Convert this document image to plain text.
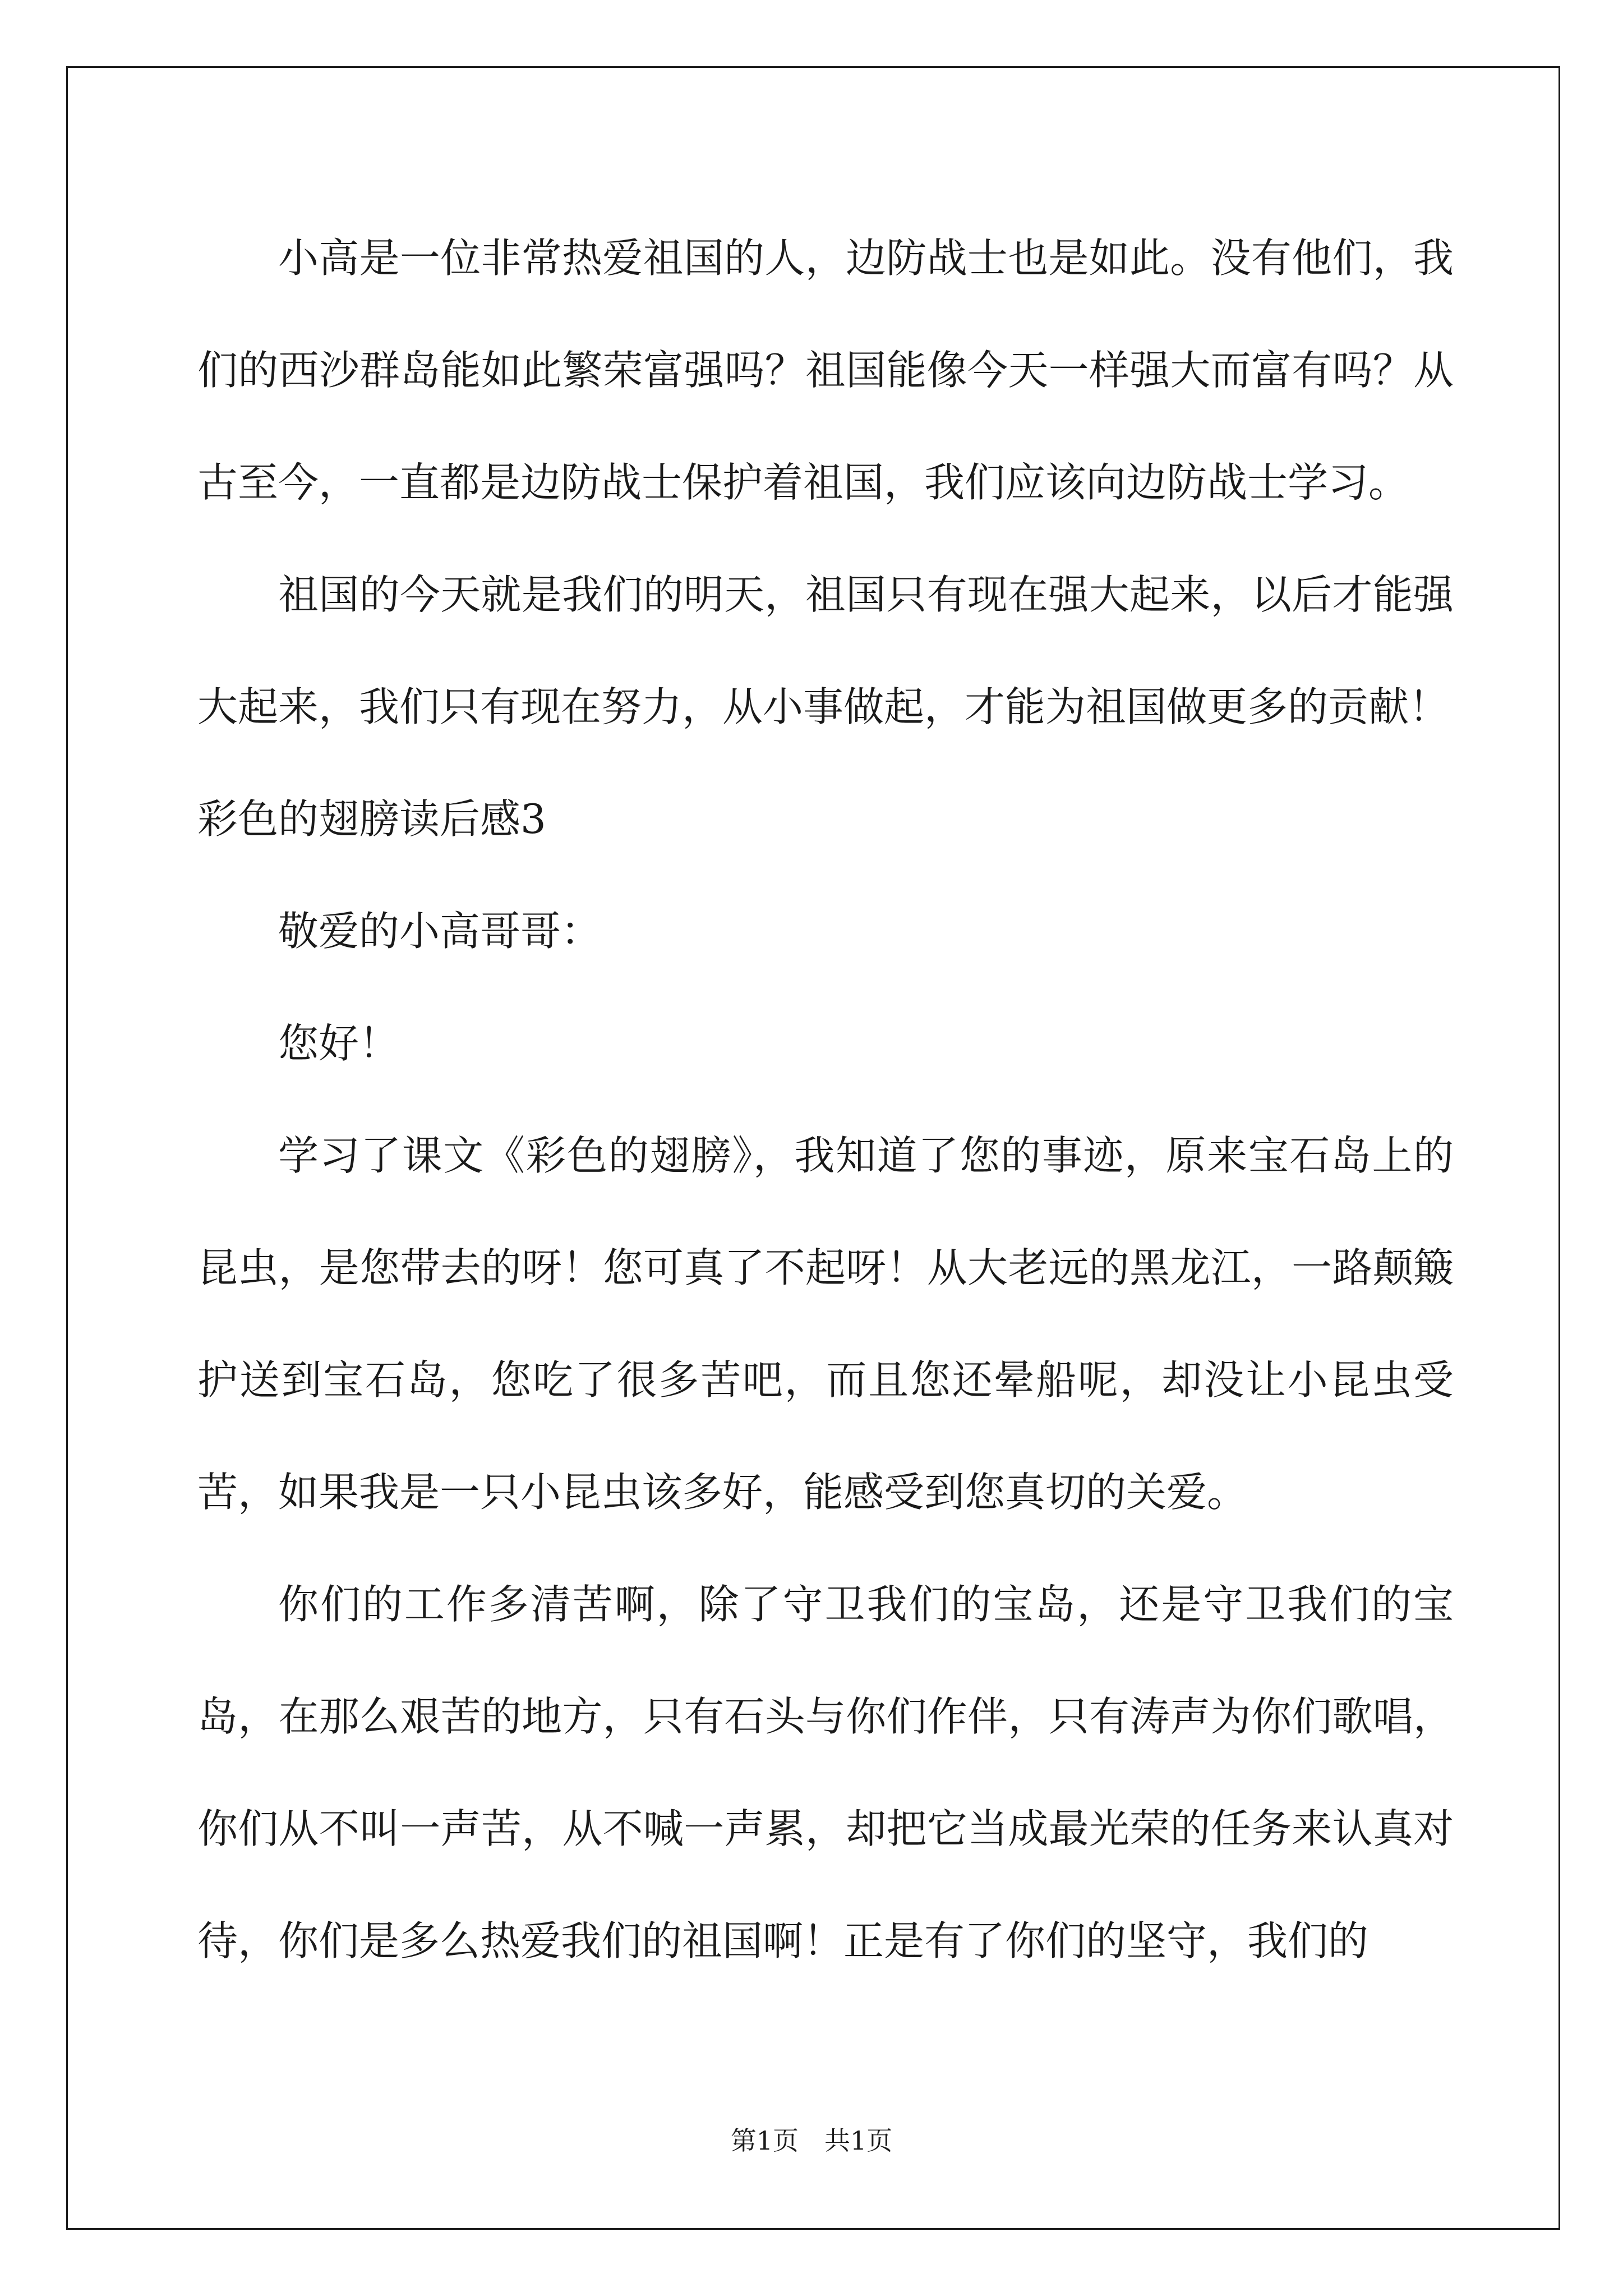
小高是一位非常热爱祖国的人，边防战士也是如此。没有他们，我们的西沙群岛能如此繁荣富强吗？祖国能像今天一样强大而富有吗？从古至今，一直都是边防战士保护着祖国，我们应该向边防战士学习。

祖国的今天就是我们的明天，祖国只有现在强大起来，以后才能强大起来，我们只有现在努力，从小事做起，才能为祖国做更多的贡献！

彩色的翅膀读后感3

敬爱的小高哥哥：

您好！

学习了课文《彩色的翅膀》，我知道了您的事迹，原来宝石岛上的昆虫，是您带去的呀！您可真了不起呀！从大老远的黑龙江，一路颠簸护送到宝石岛，您吃了很多苦吧，而且您还晕船呢，却没让小昆虫受苦，如果我是一只小昆虫该多好，能感受到您真切的关爱。

你们的工作多清苦啊，除了守卫我们的宝岛，还是守卫我们的宝岛，在那么艰苦的地方，只有石头与你们作伴，只有涛声为你们歌唱，你们从不叫一声苦，从不喊一声累，却把它当成最光荣的任务来认真对待，你们是多么热爱我们的祖国啊！正是有了你们的坚守，我们的

第1页　共1页
